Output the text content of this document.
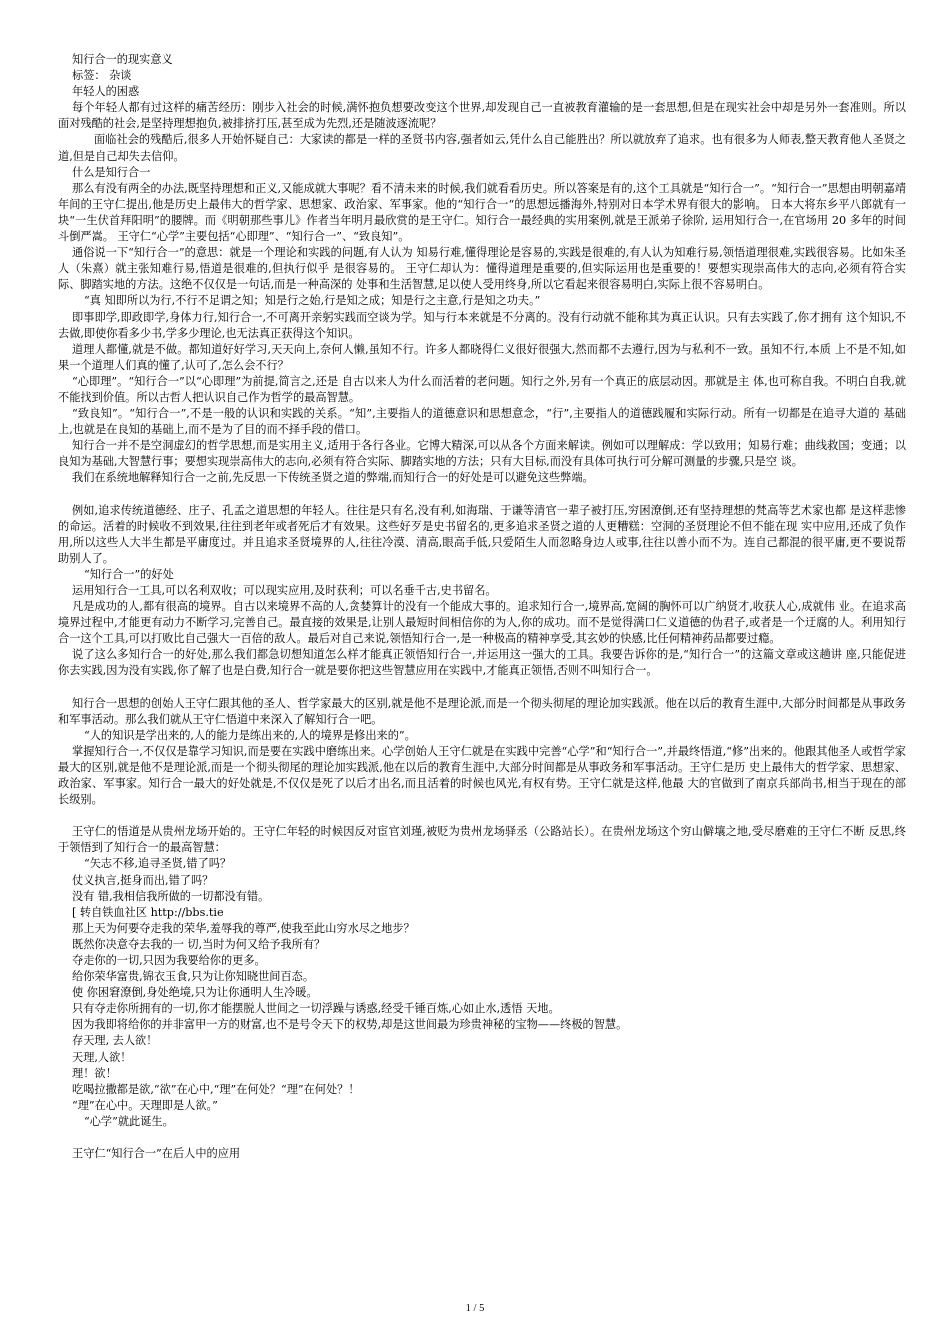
知行合一的现实意义

标签： 杂谈

年轻人的困惑

每个年轻人都有过这样的痛苦经历：刚步入社会的时候,满怀抱负想要改变这个世界,却发现自己一直被教育灌输的是一套思想,但是在现实社会中却是另外一套准则。所以面对残酷的社会,是坚持理想抱负,被排挤打压,甚至成为先烈,还是随波逐流呢？

面临社会的残酷后,很多人开始怀疑自己：大家读的都是一样的圣贤书内容,强者如云,凭什么自己能胜出？所以就放弃了追求。也有很多为人师表,整天教育他人圣贤之道,但是自己却失去信仰。

什么是知行合一

那么有没有两全的办法,既坚持理想和正义,又能成就大事呢？看不清未来的时候,我们就看看历史。所以答案是有的,这个工具就是“知行合一”。“知行合一”思想由明朝嘉靖年间的王守仁提出,他是历史上最伟大的哲学家、思想家、政治家、军事家。他的“知行合一“的思想远播海外,特别对日本学术界有很大的影响。 日本大将东乡平八郎就有一块“一生伏首拜阳明”的腰牌。而《明朝那些事儿》作者当年明月最欣赏的是王守仁。知行合一最经典的实用案例,就是王派弟子徐阶, 运用知行合一,在官场用 20 多年的时间斗倒严嵩。 王守仁“心学”主要包括“心即理”、“知行合一”、“致良知”。

通俗说一下“知行合一”的意思：就是一个理论和实践的问题,有人认为 知易行难,懂得理论是容易的,实践是很难的,有人认为知难行易,领悟道理很难,实践很容易。比如朱圣人（朱熹）就主张知难行易,悟道是很难的,但执行似乎 是很容易的。 王守仁却认为：懂得道理是重要的,但实际运用也是重要的！要想实现崇高伟大的志向,必须有符合实际、脚踏实地的方法。这绝不仅仅是一句话,而是一种高深的 处事和生活智慧,足以使人受用终身,所以它看起来很容易明白,实际上很不容易明白。

“真 知即所以为行,不行不足谓之知；知是行之始,行是知之成；知是行之主意,行是知之功夫。”

即事即学,即政即学,身体力行,知行合一,不可离开亲躬实践而空谈为学。知与行本来就是不分离的。没有行动就不能称其为真正认识。只有去实践了,你才拥有 这个知识,不去做,即使你看多少书,学多少理论,也无法真正获得这个知识。

道理人都懂,就是不做。都知道好好学习,天天向上,奈何人懒,虽知不行。许多人都晓得仁义很好很强大,然而都不去遵行,因为与私利不一致。虽知不行,本质 上不是不知,如果一个道理人们真的懂了,认可了,怎么会不行？

“心即理”。“知行合一”以“心即理”为前提,简言之,还是 自古以来人为什么而活着的老问题。知行之外,另有一个真正的底层动因。那就是主 体,也可称自我。不明白自我,就不能找到价值。所以古哲人把认识自己作为哲学的最高智慧。

“致良知”。“知行合一”,不是一般的认识和实践的关系。“知”,主要指人的道德意识和思想意念，“行”,主要指人的道德践履和实际行动。所有一切都是在追寻大道的 基础上,也就是在良知的基础上,而不是为了目的而不择手段的借口。

知行合一并不是空洞虚幻的哲学思想,而是实用主义,适用于各行各业。它博大精深,可以从各个方面来解读。例如可以理解成：学以致用；知易行难；曲线救国；变通；以良知为基础,大智慧行事；要想实现崇高伟大的志向,必须有符合实际、脚踏实地的方法；只有大目标,而没有具体可执行可分解可测量的步骤,只是空 谈。

我们在系统地解释知行合一之前,先反思一下传统圣贤之道的弊端,而知行合一的好处是可以避免这些弊端。

例如,追求传统道德经、庄子、孔孟之道思想的年轻人。往往是只有名,没有利,如海瑞、于谦等清官一辈子被打压,穷困潦倒,还有坚持理想的梵高等艺术家也都 是这样悲惨的命运。活着的时候收不到效果,往往到老年或者死后才有效果。这些好歹是史书留名的,更多追求圣贤之道的人更糟糕：空洞的圣贤理论不但不能在现 实中应用,还成了负作用,所以这些人大半生都是平庸度过。并且追求圣贤境界的人,往往冷漠、清高,眼高手低,只爱陌生人而忽略身边人或事,往往以善小而不为。连自己都混的很平庸,更不要说帮助别人了。

“知行合一”的好处

运用知行合一工具,可以名利双收；可以现实应用,及时获利；可以名垂千古,史书留名。

凡是成功的人,都有很高的境界。自古以来境界不高的人,贪婪算计的没有一个能成大事的。追求知行合一,境界高,宽阔的胸怀可以广纳贤才,收获人心,成就伟 业。在追求高境界过程中,才能更有动力不断学习,完善自己。最直接的效果是,让别人最短时间相信你的为人,你的成功。而不是觉得满口仁义道德的伪君子,或者是一个迂腐的人。利用知行合一这个工具,可以打败比自己强大一百倍的敌人。最后对自己来说,领悟知行合一,是一种极高的精神享受,其玄妙的快感,比任何精神药品都要过瘾。

说了这么多知行合一的好处,那么我们都急切想知道怎么样才能真正领悟知行合一,并运用这一强大的工具。我要告诉你的是,“知行合一”的这篇文章或这趟讲 座,只能促进你去实践,因为没有实践,你了解了也是白费,知行合一就是要你把这些智慧应用在实践中,才能真正领悟,否则不叫知行合一。

知行合一思想的创始人王守仁跟其他的圣人、哲学家最大的区别,就是他不是理论派,而是一个彻头彻尾的理论加实践派。他在以后的教育生涯中,大部分时间都是从事政务和军事活动。那么我们就从王守仁悟道中来深入了解知行合一吧。

“人的知识是学出来的,人的能力是练出来的,人的境界是修出来的”。

掌握知行合一,不仅仅是靠学习知识,而是要在实践中磨练出来。心学创始人王守仁就是在实践中完善“心学”和“知行合一”,并最终悟道,“修”出来的。他跟其他圣人或哲学家最大的区别,就是他不是理论派,而是一个彻头彻尾的理论加实践派,他在以后的教育生涯中,大部分时间都是从事政务和军事活动。王守仁是历 史上最伟大的哲学家、思想家、政治家、军事家。知行合一最大的好处就是,不仅仅是死了以后才出名,而且活着的时候也风光,有权有势。王守仁就是这样,他最 大的官做到了南京兵部尚书,相当于现在的部长级别。

王守仁的悟道是从贵州龙场开始的。王守仁年轻的时候因反对宦官刘瑾,被贬为贵州龙场驿丞（公路站长）。在贵州龙场这个穷山僻壤之地,受尽磨难的王守仁不断 反思,终于领悟到了知行合一的最高智慧：

“矢志不移,追寻圣贤,错了吗？

仗义执言,挺身而出,错了吗？

没有 错,我相信我所做的一切都没有错。

[ 转自铁血社区 http://bbs.tie

那上天为何要夺走我的荣华,羞辱我的尊严,使我至此山穷水尽之地步？

既然你决意夺去我的一 切,当时为何又给予我所有？

夺走你的一切,只因为我要给你的更多。

给你荣华富贵,锦衣玉食,只为让你知晓世间百态。

使 你困窘潦倒,身处绝境,只为让你通明人生冷暖。

只有夺走你所拥有的一切,你才能摆脱人世间之一切浮躁与诱惑,经受千锤百炼,心如止水,透悟 天地。

因为我即将给你的并非富甲一方的财富,也不是号令天下的权势,却是这世间最为珍贵神秘的宝物——终极的智慧。

存天理, 去人欲！

天理,人欲！

理！欲！

吃喝拉撒都是欲,“欲”在心中,“理”在何处？“理”在何处？！

“理”在心中。天理即是人欲。”

“心学”就此诞生。

王守仁“知行合一”在后人中的应用

1 / 5
